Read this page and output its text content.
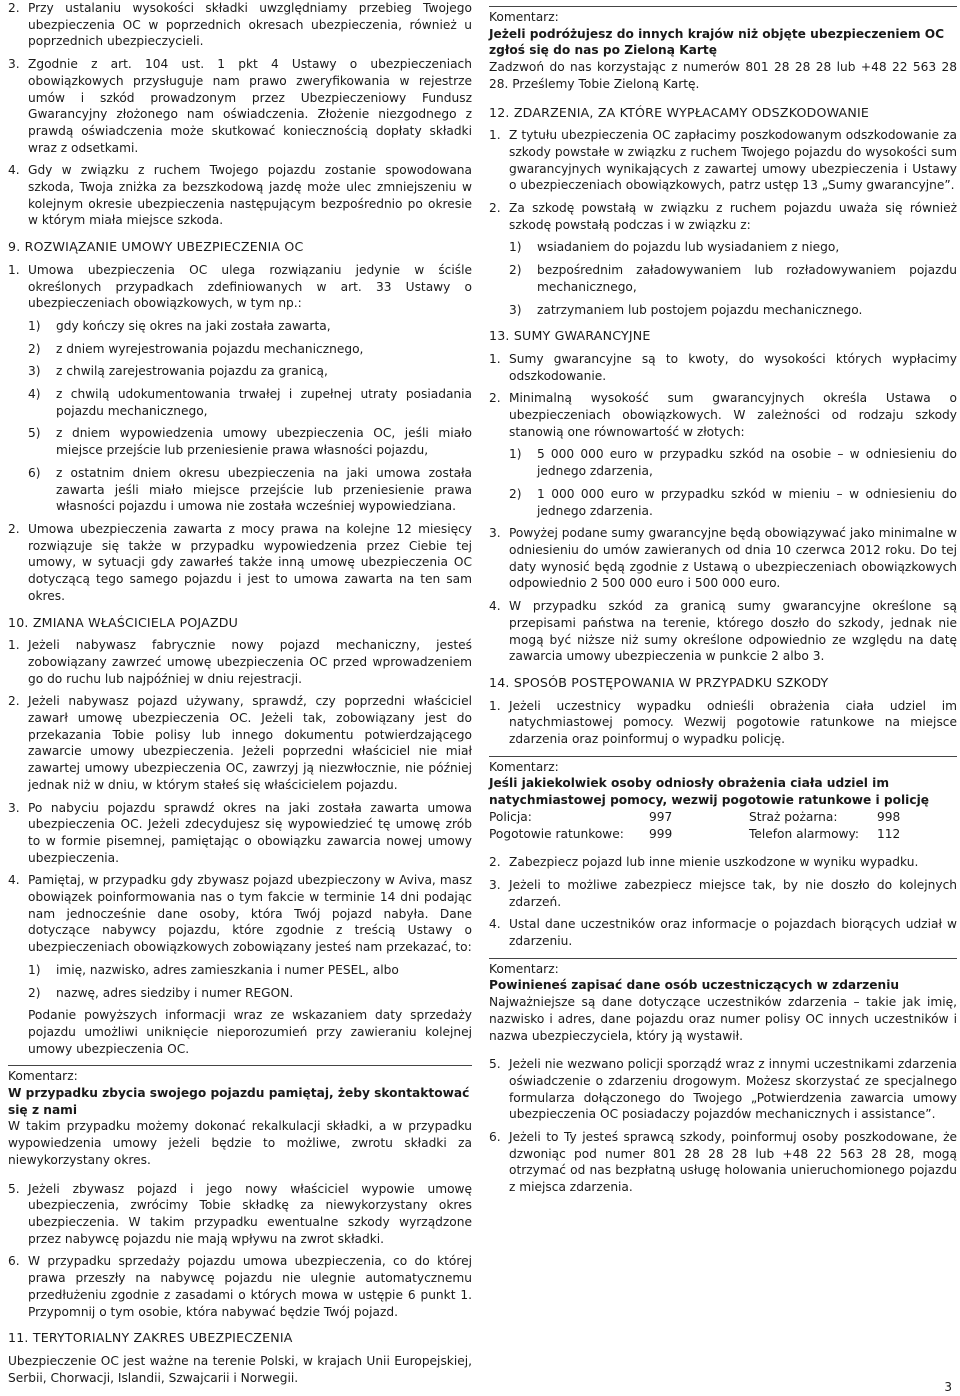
2. Przy ustalaniu wysokości składki uwzględniamy przebieg Twojego ubezpieczenia OC w poprzednich okresach ubezpieczenia, również u poprzednich ubezpieczycieli.
3. Zgodnie z art. 104 ust. 1 pkt 4 Ustawy o ubezpieczeniach obowiązkowych przysługuje nam prawo zweryfikowania w rejestrze umów i szkód prowadzonym przez Ubezpieczeniowy Fundusz Gwarancyjny złożonego nam oświadczenia. Złożenie niezgodnego z prawdą oświadczenia może skutkować koniecznością dopłaty składki wraz z odsetkami.
4. Gdy w związku z ruchem Twojego pojazdu zostanie spowodowana szkoda, Twoja zniżka za bezszkodową jazdę może ulec zmniejszeniu w kolejnym okresie ubezpieczenia następującym bezpośrednio po okresie w którym miała miejsce szkoda.
9. ROZWIĄZANIE UMOWY UBEZPIECZENIA OC
1. Umowa ubezpieczenia OC ulega rozwiązaniu jedynie w ściśle określonych przypadkach zdefiniowanych w art. 33 Ustawy o ubezpieczeniach obowiązkowych, w tym np.:
1) gdy kończy się okres na jaki została zawarta,
2) z dniem wyrejestrowania pojazdu mechanicznego,
3) z chwilą zarejestrowania pojazdu za granicą,
4) z chwilą udokumentowania trwałej i zupełnej utraty posiadania pojazdu mechanicznego,
5) z dniem wypowiedzenia umowy ubezpieczenia OC, jeśli miało miejsce przejście lub przeniesienie prawa własności pojazdu,
6) z ostatnim dniem okresu ubezpieczenia na jaki umowa została zawarta jeśli miało miejsce przejście lub przeniesienie prawa własności pojazdu i umowa nie została wcześniej wypowiedziana.
2. Umowa ubezpieczenia zawarta z mocy prawa na kolejne 12 miesięcy rozwiązuje się także w przypadku wypowiedzenia przez Ciebie tej umowy, w sytuacji gdy zawarłeś także inną umowę ubezpieczenia OC dotyczącą tego samego pojazdu i jest to umowa zawarta na ten sam okres.
10. ZMIANA WŁAŚCICIELA POJAZDU
1. Jeżeli nabywasz fabrycznie nowy pojazd mechaniczny, jesteś zobowiązany zawrzeć umowę ubezpieczenia OC przed wprowadzeniem go do ruchu lub najpóźniej w dniu rejestracji.
2. Jeżeli nabywasz pojazd używany, sprawdź, czy poprzedni właściciel zawarł umowę ubezpieczenia OC. Jeżeli tak, zobowiązany jest do przekazania Tobie polisy lub innego dokumentu potwierdzającego zawarcie umowy ubezpieczenia. Jeżeli poprzedni właściciel nie miał zawartej umowy ubezpieczenia OC, zawrzyj ją niezwłocznie, nie później jednak niż w dniu, w którym stałeś się właścicielem pojazdu.
3. Po nabyciu pojazdu sprawdź okres na jaki została zawarta umowa ubezpieczenia OC. Jeżeli zdecydujesz się wypowiedzieć tę umowę zrób to w formie pisemnej, pamiętając o obowiązku zawarcia nowej umowy ubezpieczenia.
4. Pamiętaj, w przypadku gdy zbywasz pojazd ubezpieczony w Aviva, masz obowiązek poinformowania nas o tym fakcie w terminie 14 dni podając nam jednocześnie dane osoby, która Twój pojazd nabyła. Dane dotyczące nabywcy pojazdu, które zgodnie z treścią Ustawy o ubezpieczeniach obowiązkowych zobowiązany jesteś nam przekazać, to:
1) imię, nazwisko, adres zamieszkania i numer PESEL, albo
2) nazwę, adres siedziby i numer REGON.
Podanie powyższych informacji wraz ze wskazaniem daty sprzedaży pojazdu umożliwi uniknięcie nieporozumień przy zawieraniu kolejnej umowy ubezpieczenia OC.
Komentarz:
W przypadku zbycia swojego pojazdu pamiętaj, żeby skontaktować się z nami

W takim przypadku możemy dokonać rekalkulacji składki, a w przypadku wypowiedzenia umowy jeżeli będzie to możliwe, zwrotu składki za niewykorzystany okres.

5. Jeżeli zbywasz pojazd i jego nowy właściciel wypowie umowę ubezpieczenia, zwrócimy Tobie składkę za niewykorzystany okres ubezpieczenia. W takim przypadku ewentualne szkody wyrządzone przez nabywcę pojazdu nie mają wpływu na zwrot składki.
6. W przypadku sprzedaży pojazdu umowa ubezpieczenia, co do której prawa przeszły na nabywcę pojazdu nie ulegnie automatycznemu przedłużeniu zgodnie z zasadami o których mowa w ustępie 6 punkt 1. Przypomnij o tym osobie, która nabywać będzie Twój pojazd.
11. TERYTORIALNY ZAKRES UBEZPIECZENIA
Ubezpieczenie OC jest ważne na terenie Polski, w krajach Unii Europejskiej, Serbii, Chorwacji, Islandii, Szwajcarii i Norwegii.
Komentarz:
Jeżeli podróżujesz do innych krajów niż objęte ubezpieczeniem OC zgłoś się do nas po Zieloną Kartę

Zadzwoń do nas korzystając z numerów 801 28 28 28 lub +48 22 563 28 28. Prześlemy Tobie Zieloną Kartę.

12. ZDARZENIA, ZA KTÓRE WYPŁACAMY ODSZKODOWANIE
1. Z tytułu ubezpieczenia OC zapłacimy poszkodowanym odszkodowanie za szkody powstałe w związku z ruchem Twojego pojazdu do wysokości sum gwarancyjnych wynikających z zawartej umowy ubezpieczenia i Ustawy o ubezpieczeniach obowiązkowych, patrz ustęp 13 „Sumy gwarancyjne”.
2. Za szkodę powstałą w związku z ruchem pojazdu uważa się również szkodę powstałą podczas i w związku z:
1) wsiadaniem do pojazdu lub wysiadaniem z niego,
2) bezpośrednim załadowywaniem lub rozładowywaniem pojazdu mechanicznego,
3) zatrzymaniem lub postojem pojazdu mechanicznego.
13. SUMY GWARANCYJNE
1. Sumy gwarancyjne są to kwoty, do wysokości których wypłacimy odszkodowanie.
2. Minimalną wysokość sum gwarancyjnych określa Ustawa o ubezpieczeniach obowiązkowych. W zależności od rodzaju szkody stanowią one równowartość w złotych:
1) 5 000 000 euro w przypadku szkód na osobie – w odniesieniu do jednego zdarzenia,
2) 1 000 000 euro w przypadku szkód w mieniu – w odniesieniu do jednego zdarzenia.
3. Powyżej podane sumy gwarancyjne będą obowiązywać jako minimalne w odniesieniu do umów zawieranych od dnia 10 czerwca 2012 roku. Do tej daty wynosić będą zgodnie z Ustawą o ubezpieczeniach obowiązkowych odpowiednio 2 500 000 euro i 500 000 euro.
4. W przypadku szkód za granicą sumy gwarancyjne określone są przepisami państwa na terenie, którego doszło do szkody, jednak nie mogą być niższe niż sumy określone odpowiednio ze względu na datę zawarcia umowy ubezpieczenia w punkcie 2 albo 3.
14. SPOSÓB POSTĘPOWANIA W PRZYPADKU SZKODY
1. Jeżeli uczestnicy wypadku odnieśli obrażenia ciała udziel im natychmiastowej pomocy. Wezwij pogotowie ratunkowe na miejsce zdarzenia oraz poinformuj o wypadku policję.
Komentarz:
Jeśli jakiekolwiek osoby odniosły obrażenia ciała udziel im natychmiastowej pomocy, wezwij pogotowie ratunkowe i policję
Policja:	997	Straż pożarna:	998
Pogotowie ratunkowe:	999	Telefon alarmowy:	112
2. Zabezpiecz pojazd lub inne mienie uszkodzone w wyniku wypadku.
3. Jeżeli to możliwe zabezpiecz miejsce tak, by nie doszło do kolejnych zdarzeń.
4. Ustal dane uczestników oraz informacje o pojazdach biorących udział w zdarzeniu.
Komentarz:
Powinieneś zapisać dane osób uczestniczących w zdarzeniu

Najważniejsze są dane dotyczące uczestników zdarzenia – takie jak imię, nazwisko i adres, dane pojazdu oraz numer polisy OC innych uczestników i nazwa ubezpieczyciela, który ją wystawił.

5. Jeżeli nie wezwano policji sporządź wraz z innymi uczestnikami zdarzenia oświadczenie o zdarzeniu drogowym. Możesz skorzystać ze specjalnego formularza dołączonego do Twojego „Potwierdzenia zawarcia umowy ubezpieczenia OC posiadaczy pojazdów mechanicznych i assistance”.
6. Jeżeli to Ty jesteś sprawcą szkody, poinformuj osoby poszkodowane, że dzwoniąc pod numer 801 28 28 28 lub +48 22 563 28 28, mogą otrzymać od nas bezpłatną usługę holowania unieruchomionego pojazdu z miejsca zdarzenia.
3
